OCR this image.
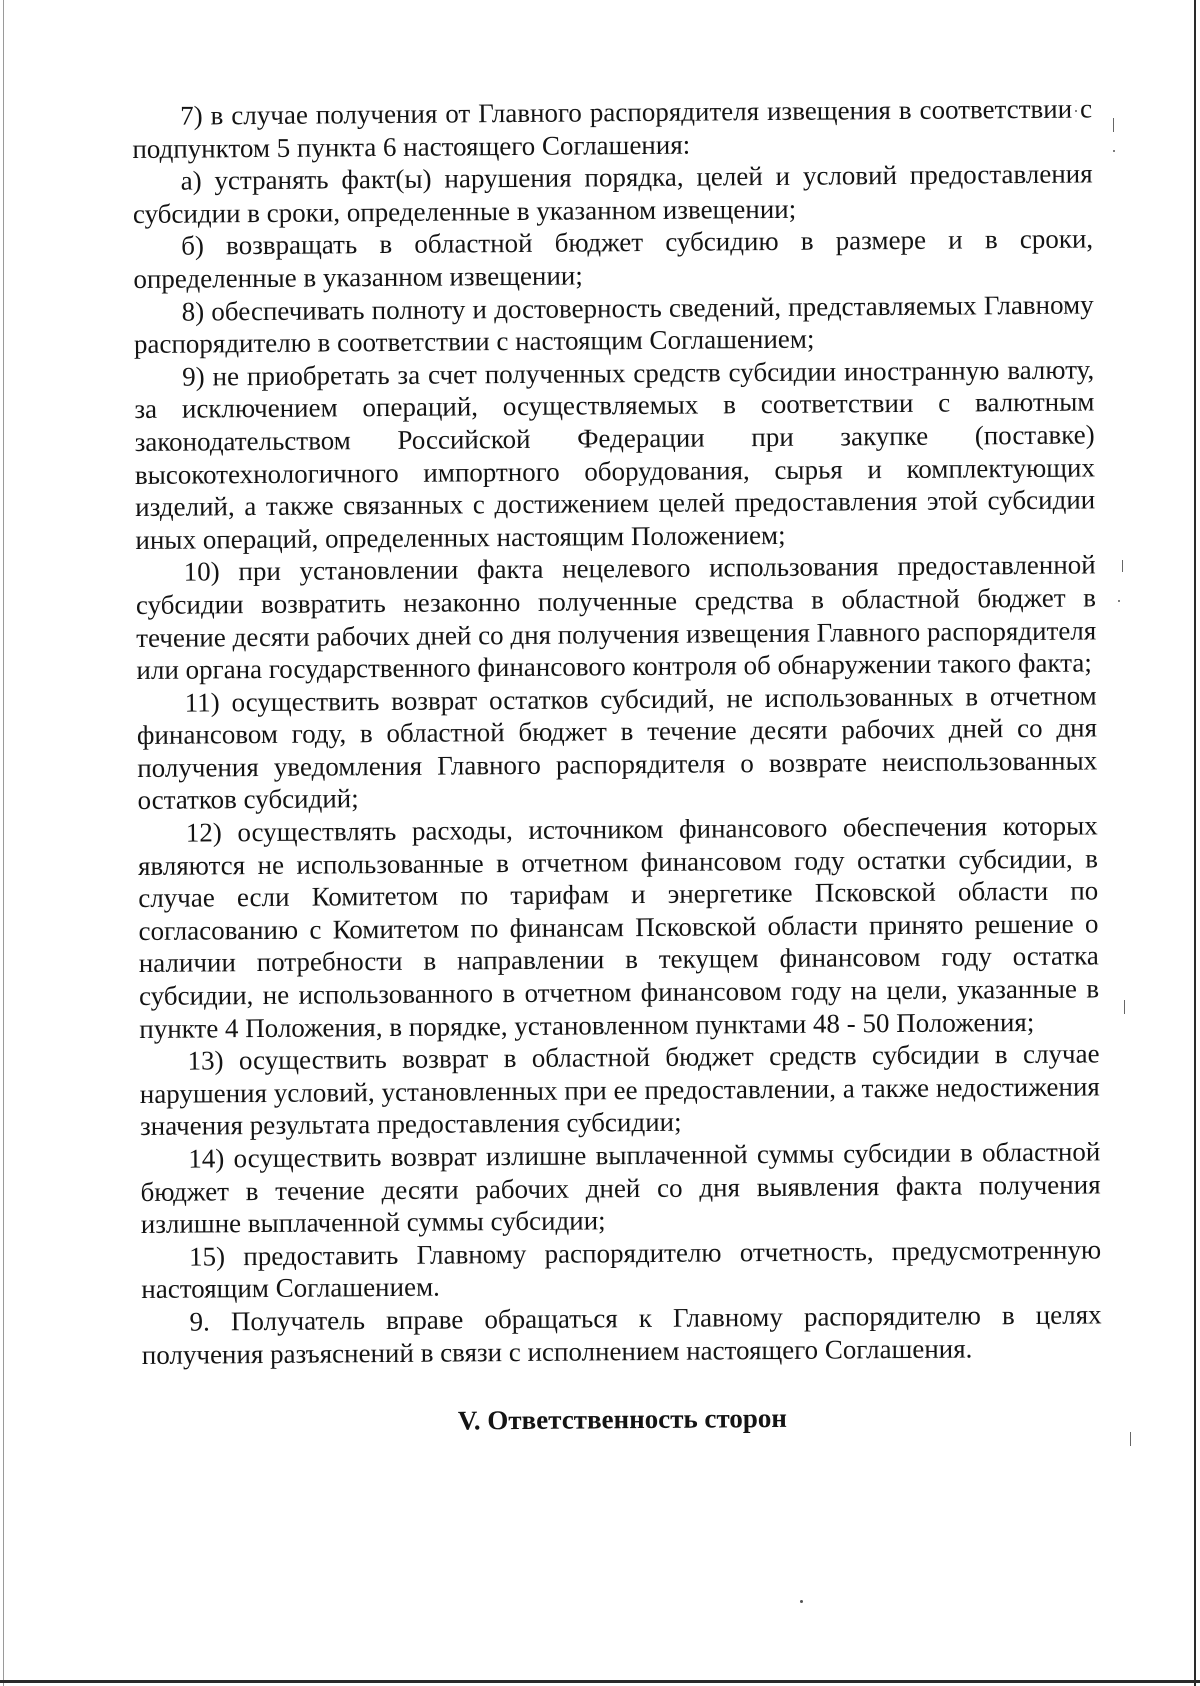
7) в случае получения от Главного распорядителя извещения в соответствии с подпунктом 5 пункта 6 настоящего Соглашения:

а) устранять факт(ы) нарушения порядка, целей и условий предоставления субсидии в сроки, определенные в указанном извещении;

б) возвращать в областной бюджет субсидию в размере и в сроки, определенные в указанном извещении;

8) обеспечивать полноту и достоверность сведений, представляемых Главному распорядителю в соответствии с настоящим Соглашением;

9) не приобретать за счет полученных средств субсидии иностранную валюту, за исключением операций, осуществляемых в соответствии с валютным законодательством Российской Федерации при закупке (поставке) высокотехнологичного импортного оборудования, сырья и комплектующих изделий, а также связанных с достижением целей предоставления этой субсидии иных операций, определенных настоящим Положением;

10) при установлении факта нецелевого использования предоставленной субсидии возвратить незаконно полученные средства в областной бюджет в течение десяти рабочих дней со дня получения извещения Главного распорядителя или органа государственного финансового контроля об обнаружении такого факта;

11) осуществить возврат остатков субсидий, не использованных в отчетном финансовом году, в областной бюджет в течение десяти рабочих дней со дня получения уведомления Главного распорядителя о возврате неиспользованных остатков субсидий;

12) осуществлять расходы, источником финансового обеспечения которых являются не использованные в отчетном финансовом году остатки субсидии, в случае если Комитетом по тарифам и энергетике Псковской области по согласованию с Комитетом по финансам Псковской области принято решение о наличии потребности в направлении в текущем финансовом году остатка субсидии, не использованного в отчетном финансовом году на цели, указанные в пункте 4 Положения, в порядке, установленном пунктами 48 - 50 Положения;

13) осуществить возврат в областной бюджет средств субсидии в случае нарушения условий, установленных при ее предоставлении, а также недостижения значения результата предоставления субсидии;

14) осуществить возврат излишне выплаченной суммы субсидии в областной бюджет в течение десяти рабочих дней со дня выявления факта получения излишне выплаченной суммы субсидии;

15) предоставить Главному распорядителю отчетность, предусмотренную настоящим Соглашением.

9. Получатель вправе обращаться к Главному распорядителю в целях получения разъяснений в связи с исполнением настоящего Соглашения.

V. Ответственность сторон
